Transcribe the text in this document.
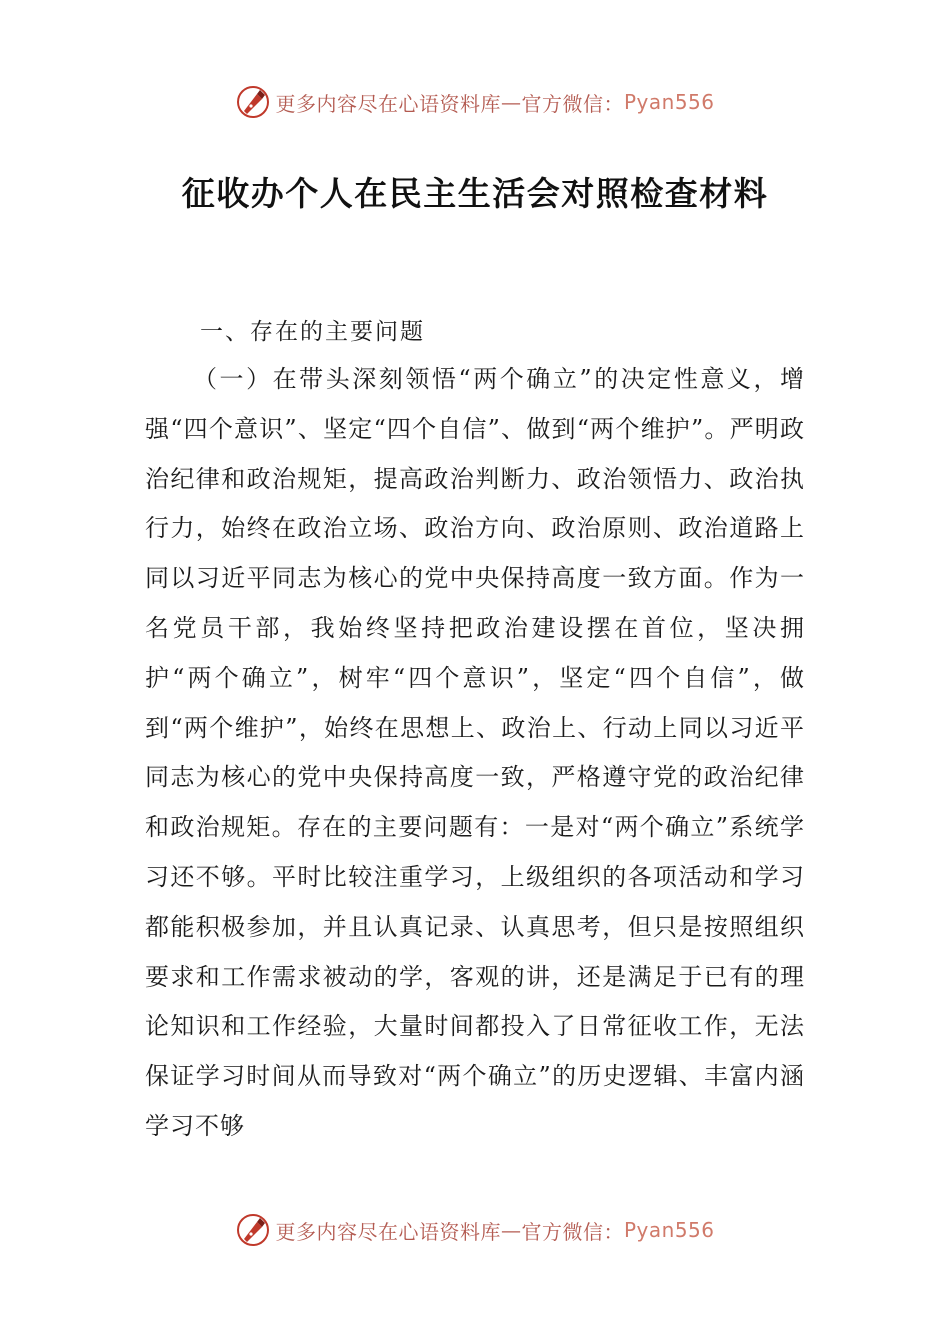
更多内容尽在心语资料库 — 官方微信： Pyan556
征收办个人在民主生活会对照检查材料

一、存在的主要问题

（一）在带头深刻领悟“两个确立”的决定性意义，增强“四个意识”、坚定“四个自信”、做到“两个维护”。严明政治纪律和政治规矩，提高政治判断力、政治领悟力、政治执行力，始终在政治立场、政治方向、政治原则、政治道路上同以习近平同志为核心的党中央保持高度一致方面。作为一名党员干部，我始终坚持把政治建设摆在首位，坚决拥护“两个确立”，树牢“四个意识”，坚定“四个自信”，做到“两个维护”，始终在思想上、政治上、行动上同以习近平同志为核心的党中央保持高度一致，严格遵守党的政治纪律和政治规矩。存在的主要问题有：一是对“两个确立”系统学习还不够。平时比较注重学习，上级组织的各项活动和学习都能积极参加，并且认真记录、认真思考，但只是按照组织要求和工作需求被动的学，客观的讲，还是满足于已有的理论知识和工作经验，大量时间都投入了日常征收工作，无法保证学习时间从而导致对“两个确立”的历史逻辑、丰富内涵学习不够

更多内容尽在心语资料库 — 官方微信： Pyan556
